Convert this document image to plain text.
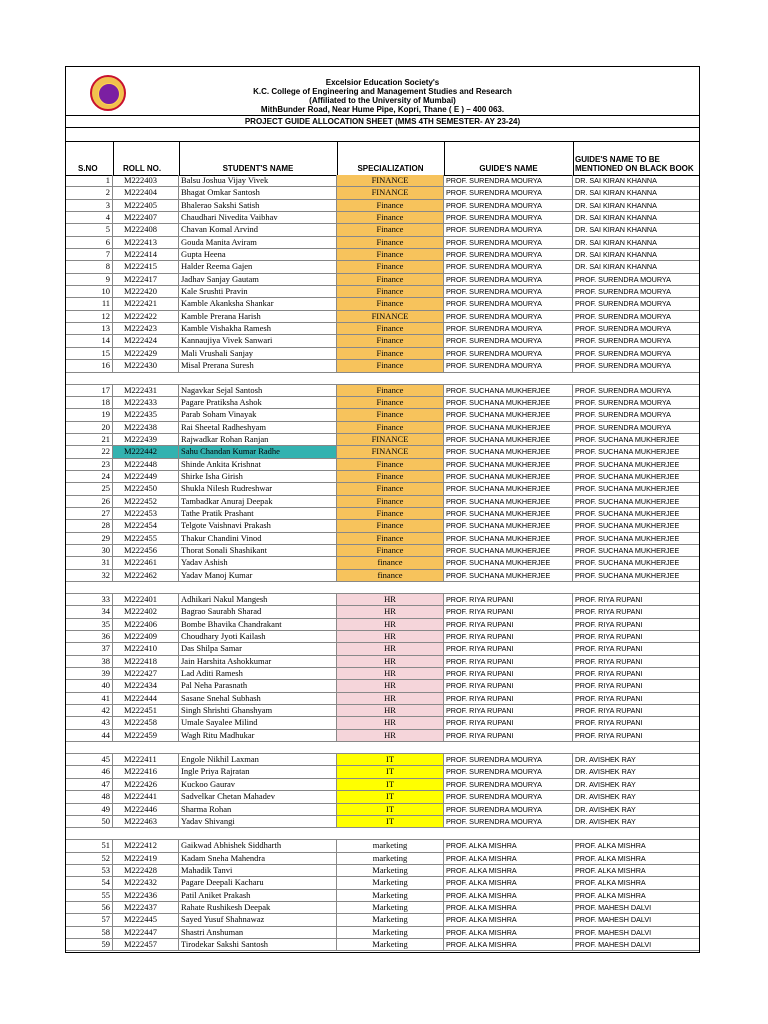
Excelsior Education Society's
K.C. College of Engineering and Management Studies and Research
(Affiliated to the University of Mumbai)
MithBunder Road, Near Hume Pipe, Kopri, Thane ( E ) – 400 063.
PROJECT GUIDE ALLOCATION SHEET (MMS 4TH SEMESTER- AY 23-24)
S.NO	ROLL NO.	STUDENT'S NAME	SPECIALIZATION	GUIDE'S NAME
GUIDE'S NAME TO BE
MENTIONED ON BLACK BOOK
1	M222403	Balsu Joshua Vijay Vivek	FINANCE	PROF. SURENDRA MOURYA	DR. SAI KIRAN KHANNA
2	M222404	Bhagat Omkar Santosh	FINANCE	PROF. SURENDRA MOURYA	DR. SAI KIRAN KHANNA
3	M222405	Bhalerao Sakshi Satish	Finance	PROF. SURENDRA MOURYA	DR. SAI KIRAN KHANNA
4	M222407	Chaudhari Nivedita Vaibhav	Finance	PROF. SURENDRA MOURYA	DR. SAI KIRAN KHANNA
5	M222408	Chavan Komal Arvind	Finance	PROF. SURENDRA MOURYA	DR. SAI KIRAN KHANNA
6	M222413	Gouda Manita Aviram	Finance	PROF. SURENDRA MOURYA	DR. SAI KIRAN KHANNA
7	M222414	Gupta Heena	Finance	PROF. SURENDRA MOURYA	DR. SAI KIRAN KHANNA
8	M222415	Halder Reema Gajen	Finance	PROF. SURENDRA MOURYA	DR. SAI KIRAN KHANNA
9	M222417	Jadhav Sanjay Gautam	Finance	PROF. SURENDRA MOURYA	PROF. SURENDRA MOURYA
10	M222420	Kale Srushti Pravin	Finance	PROF. SURENDRA MOURYA	PROF. SURENDRA MOURYA
11	M222421	Kamble Akanksha Shankar	Finance	PROF. SURENDRA MOURYA	PROF. SURENDRA MOURYA
12	M222422	Kamble Prerana Harish	FINANCE	PROF. SURENDRA MOURYA	PROF. SURENDRA MOURYA
13	M222423	Kamble Vishakha Ramesh	Finance	PROF. SURENDRA MOURYA	PROF. SURENDRA MOURYA
14	M222424	Kannaujiya Vivek Sanwari	Finance	PROF. SURENDRA MOURYA	PROF. SURENDRA MOURYA
15	M222429	Mali Vrushali Sanjay	Finance	PROF. SURENDRA MOURYA	PROF. SURENDRA MOURYA
16	M222430	Misal Prerana Suresh	Finance	PROF. SURENDRA MOURYA	PROF. SURENDRA MOURYA
17	M222431	Nagavkar Sejal Santosh	Finance	PROF. SUCHANA MUKHERJEE	PROF. SURENDRA MOURYA
18	M222433	Pagare Pratiksha Ashok	Finance	PROF. SUCHANA MUKHERJEE	PROF. SURENDRA MOURYA
19	M222435	Parab Soham Vinayak	Finance	PROF. SUCHANA MUKHERJEE	PROF. SURENDRA MOURYA
20	M222438	Rai Sheetal Radheshyam	Finance	PROF. SUCHANA MUKHERJEE	PROF. SURENDRA MOURYA
21	M222439	Rajwadkar Rohan Ranjan	FINANCE	PROF. SUCHANA MUKHERJEE	PROF. SUCHANA MUKHERJEE
22	M222442	Sahu Chandan Kumar Radhe	FINANCE	PROF. SUCHANA MUKHERJEE	PROF. SUCHANA MUKHERJEE
23	M222448	Shinde Ankita Krishnat	Finance	PROF. SUCHANA MUKHERJEE	PROF. SUCHANA MUKHERJEE
24	M222449	Shirke Isha Girish	Finance	PROF. SUCHANA MUKHERJEE	PROF. SUCHANA MUKHERJEE
25	M222450	Shukla Nilesh Rudreshwar	Finance	PROF. SUCHANA MUKHERJEE	PROF. SUCHANA MUKHERJEE
26	M222452	Tambadkar Anuraj Deepak	Finance	PROF. SUCHANA MUKHERJEE	PROF. SUCHANA MUKHERJEE
27	M222453	Tathe Pratik Prashant	Finance	PROF. SUCHANA MUKHERJEE	PROF. SUCHANA MUKHERJEE
28	M222454	Telgote Vaishnavi Prakash	Finance	PROF. SUCHANA MUKHERJEE	PROF. SUCHANA MUKHERJEE
29	M222455	Thakur Chandini Vinod	Finance	PROF. SUCHANA MUKHERJEE	PROF. SUCHANA MUKHERJEE
30	M222456	Thorat Sonali Shashikant	Finance	PROF. SUCHANA MUKHERJEE	PROF. SUCHANA MUKHERJEE
31	M222461	Yadav Ashish	finance	PROF. SUCHANA MUKHERJEE	PROF. SUCHANA MUKHERJEE
32	M222462	Yadav Manoj Kumar	finance	PROF. SUCHANA MUKHERJEE	PROF. SUCHANA MUKHERJEE
33	M222401	Adhikari Nakul Mangesh	HR	PROF. RIYA RUPANI	PROF. RIYA RUPANI
34	M222402	Bagrao Saurabh Sharad	HR	PROF. RIYA RUPANI	PROF. RIYA RUPANI
35	M222406	Bombe Bhavika Chandrakant	HR	PROF. RIYA RUPANI	PROF. RIYA RUPANI
36	M222409	Choudhary Jyoti Kailash	HR	PROF. RIYA RUPANI	PROF. RIYA RUPANI
37	M222410	Das Shilpa Samar	HR	PROF. RIYA RUPANI	PROF. RIYA RUPANI
38	M222418	Jain Harshita Ashokkumar	HR	PROF. RIYA RUPANI	PROF. RIYA RUPANI
39	M222427	Lad Aditi Ramesh	HR	PROF. RIYA RUPANI	PROF. RIYA RUPANI
40	M222434	Pal Neha Parasnath	HR	PROF. RIYA RUPANI	PROF. RIYA RUPANI
41	M222444	Sasane Snehal Subhash	HR	PROF. RIYA RUPANI	PROF. RIYA RUPANI
42	M222451	Singh Shrishti Ghanshyam	HR	PROF. RIYA RUPANI	PROF. RIYA RUPANI
43	M222458	Umale Sayalee Milind	HR	PROF. RIYA RUPANI	PROF. RIYA RUPANI
44	M222459	Wagh Ritu Madhukar	HR	PROF. RIYA RUPANI	PROF. RIYA RUPANI
45	M222411	Engole Nikhil Laxman	IT	PROF. SURENDRA MOURYA	DR. AVISHEK RAY
46	M222416	Ingle Priya Rajratan	IT	PROF. SURENDRA MOURYA	DR. AVISHEK RAY
47	M222426	Kuckoo Gaurav	IT	PROF. SURENDRA MOURYA	DR. AVISHEK RAY
48	M222441	Sadvelkar Chetan Mahadev	IT	PROF. SURENDRA MOURYA	DR. AVISHEK RAY
49	M222446	Sharma Rohan	IT	PROF. SURENDRA MOURYA	DR. AVISHEK RAY
50	M222463	Yadav Shivangi	IT	PROF. SURENDRA MOURYA	DR. AVISHEK RAY
51	M222412	Gaikwad Abhishek Siddharth	marketing	PROF. ALKA MISHRA	PROF. ALKA MISHRA
52	M222419	Kadam Sneha Mahendra	marketing	PROF. ALKA MISHRA	PROF. ALKA MISHRA
53	M222428	Mahadik Tanvi	Marketing	PROF. ALKA MISHRA	PROF. ALKA MISHRA
54	M222432	Pagare Deepali Kacharu	Marketing	PROF. ALKA MISHRA	PROF. ALKA MISHRA
55	M222436	Patil Aniket Prakash	Marketing	PROF. ALKA MISHRA	PROF. ALKA MISHRA
56	M222437	Rahate Rushikesh Deepak	Marketing	PROF. ALKA MISHRA	PROF. MAHESH DALVI
57	M222445	Sayed Yusuf Shahnawaz	Marketing	PROF. ALKA MISHRA	PROF. MAHESH DALVI
58	M222447	Shastri Anshuman	Marketing	PROF. ALKA MISHRA	PROF. MAHESH DALVI
59	M222457	Tirodekar Sakshi Santosh	Marketing	PROF. ALKA MISHRA	PROF. MAHESH DALVI
